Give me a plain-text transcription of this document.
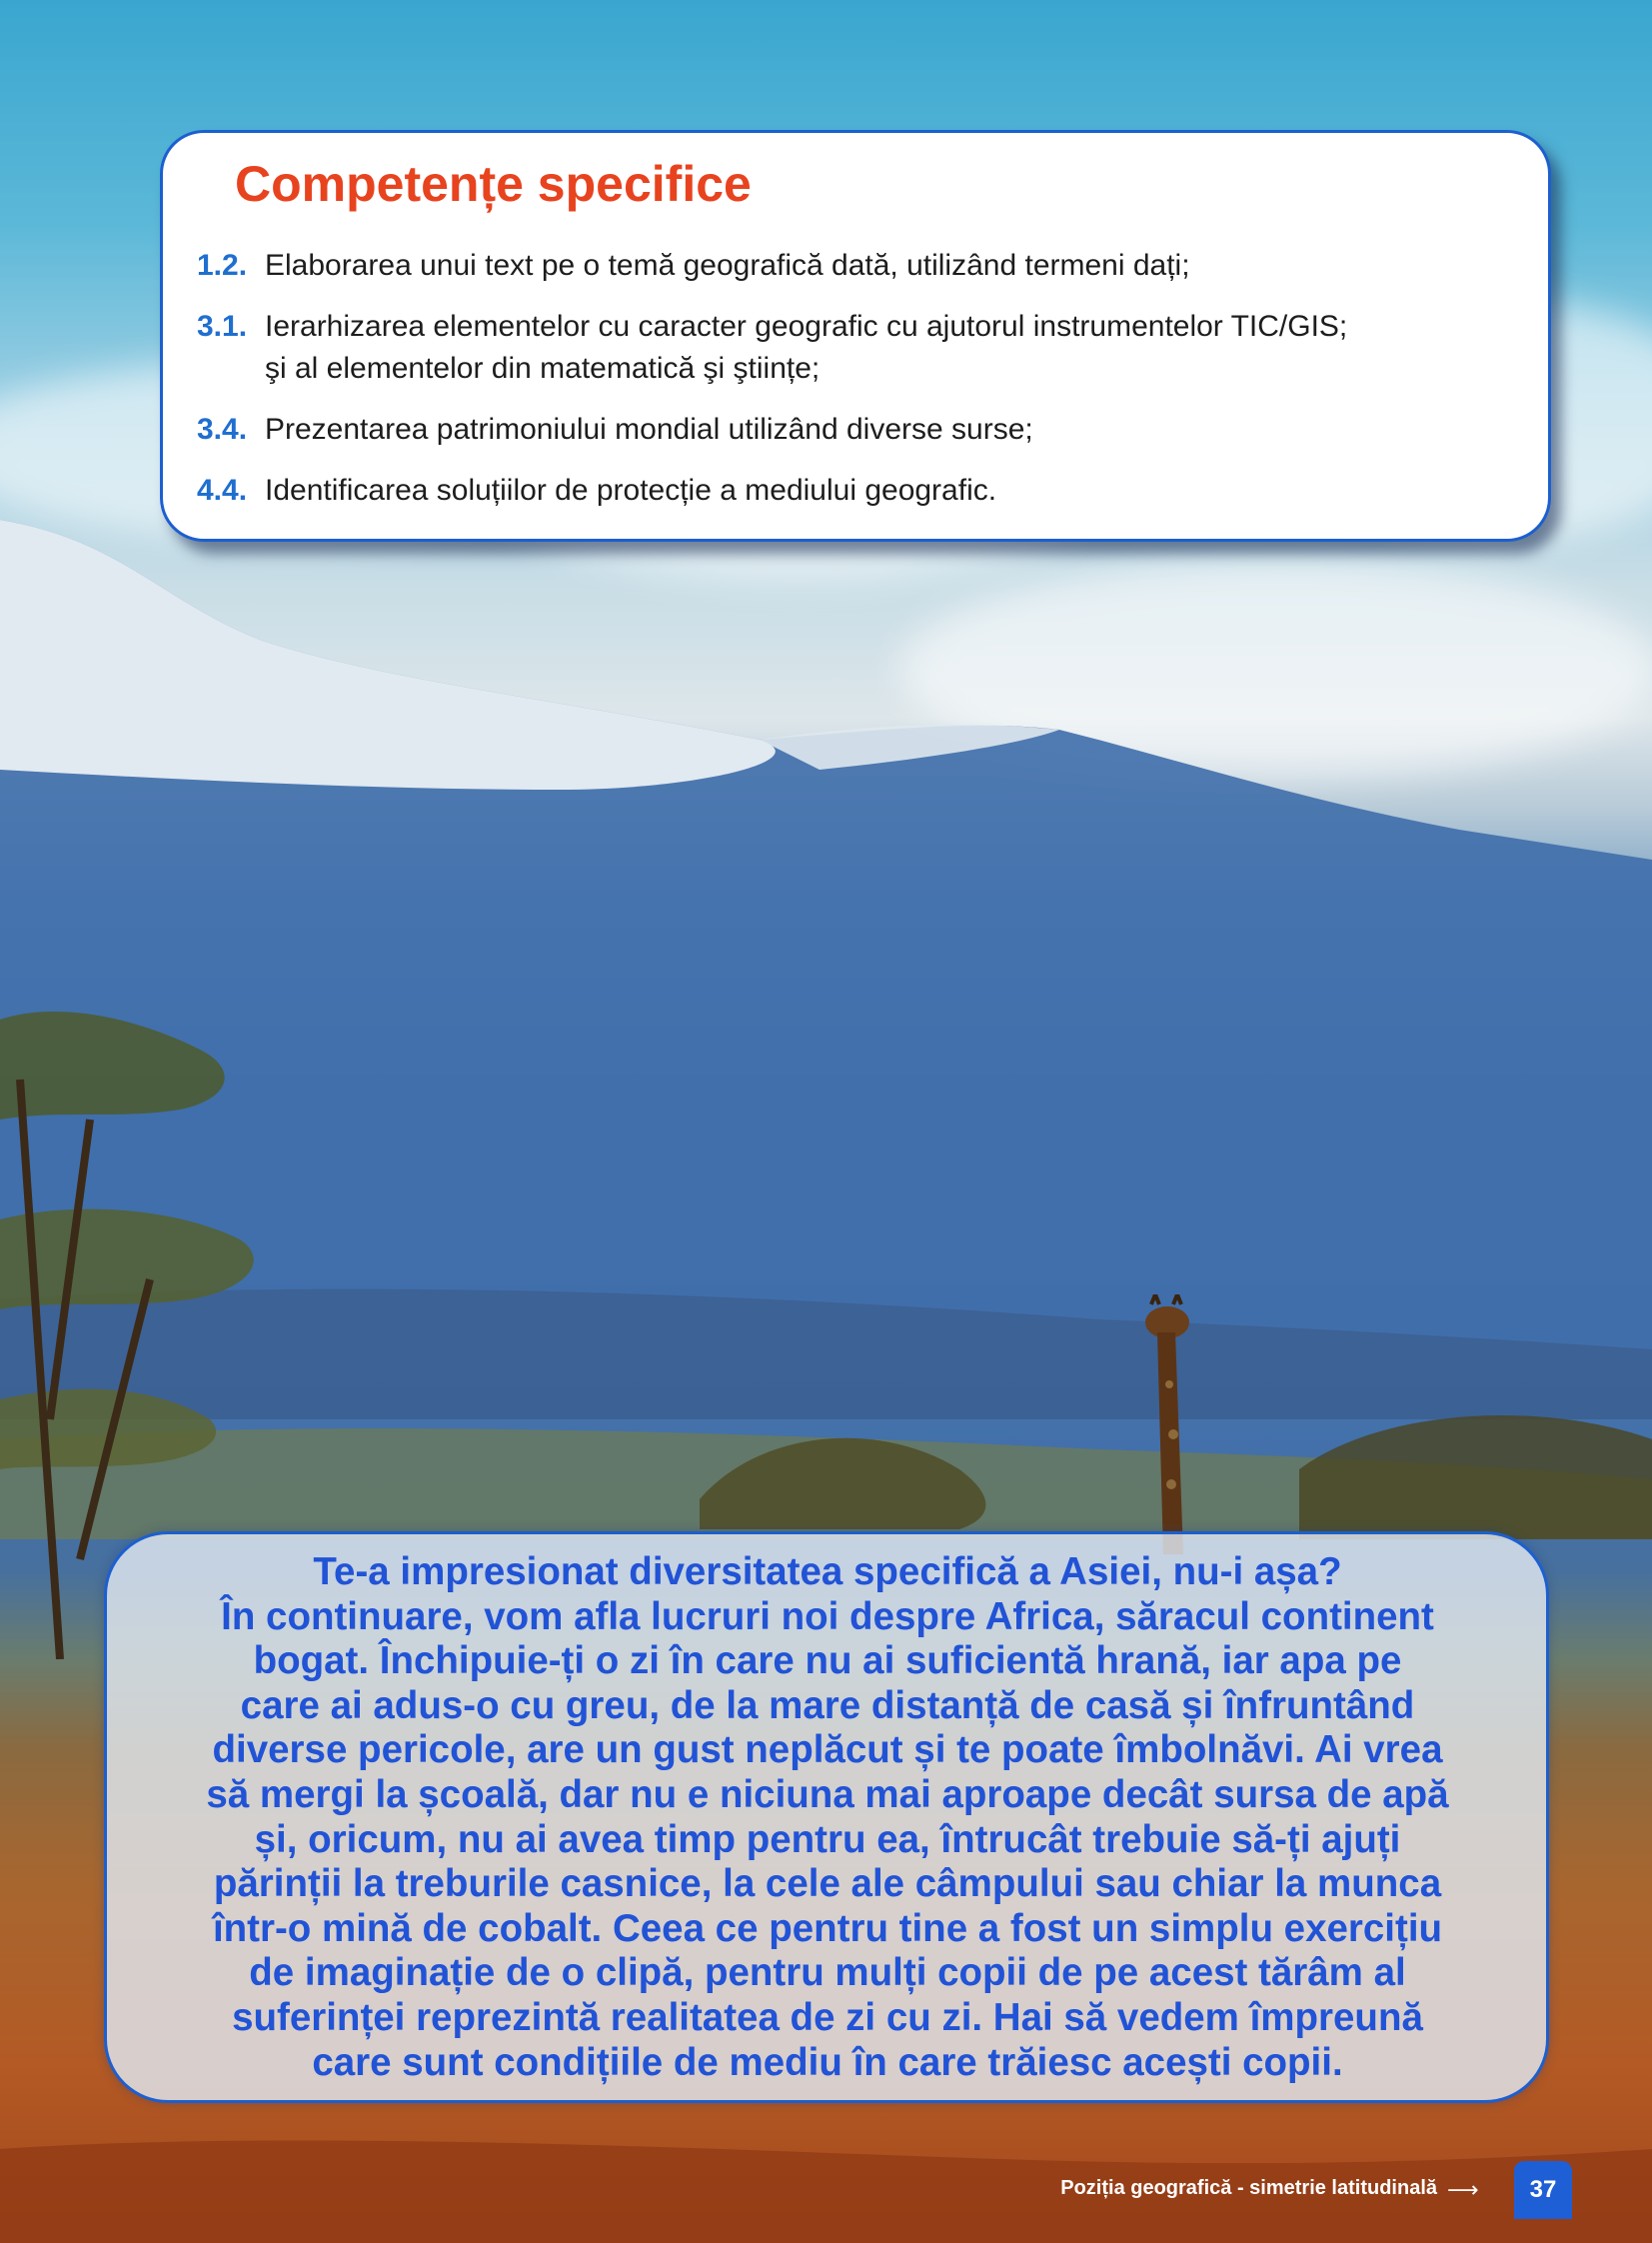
Competențe specifice
1.2. Elaborarea unui text pe o temă geografică dată, utilizând termeni dați;
3.1. Ierarhizarea elementelor cu caracter geografic cu ajutorul instrumentelor TIC/GIS;
şi al elementelor din matematică şi ştiințe;
3.4. Prezentarea patrimoniului mondial utilizând diverse surse;
4.4. Identificarea soluțiilor de protecție a mediului geografic.

Te-a impresionat diversitatea specifică a Asiei, nu-i așa?
În continuare, vom afla lucruri noi despre Africa, săracul continent
bogat. Închipuie-ți o zi în care nu ai suficientă hrană, iar apa pe
care ai adus-o cu greu, de la mare distanță de casă și înfruntând
diverse pericole, are un gust neplăcut și te poate îmbolnăvi. Ai vrea
să mergi la școală, dar nu e niciuna mai aproape decât sursa de apă
și, oricum, nu ai avea timp pentru ea, întrucât trebuie să-ți ajuți
părinții la treburile casnice, la cele ale câmpului sau chiar la munca
într-o mină de cobalt. Ceea ce pentru tine a fost un simplu exercițiu
de imaginație de o clipă, pentru mulți copii de pe acest tărâm al
suferinței reprezintă realitatea de zi cu zi. Hai să vedem împreună
care sunt condițiile de mediu în care trăiesc acești copii.

Poziția geografică - simetrie latitudinală ⟶	37
